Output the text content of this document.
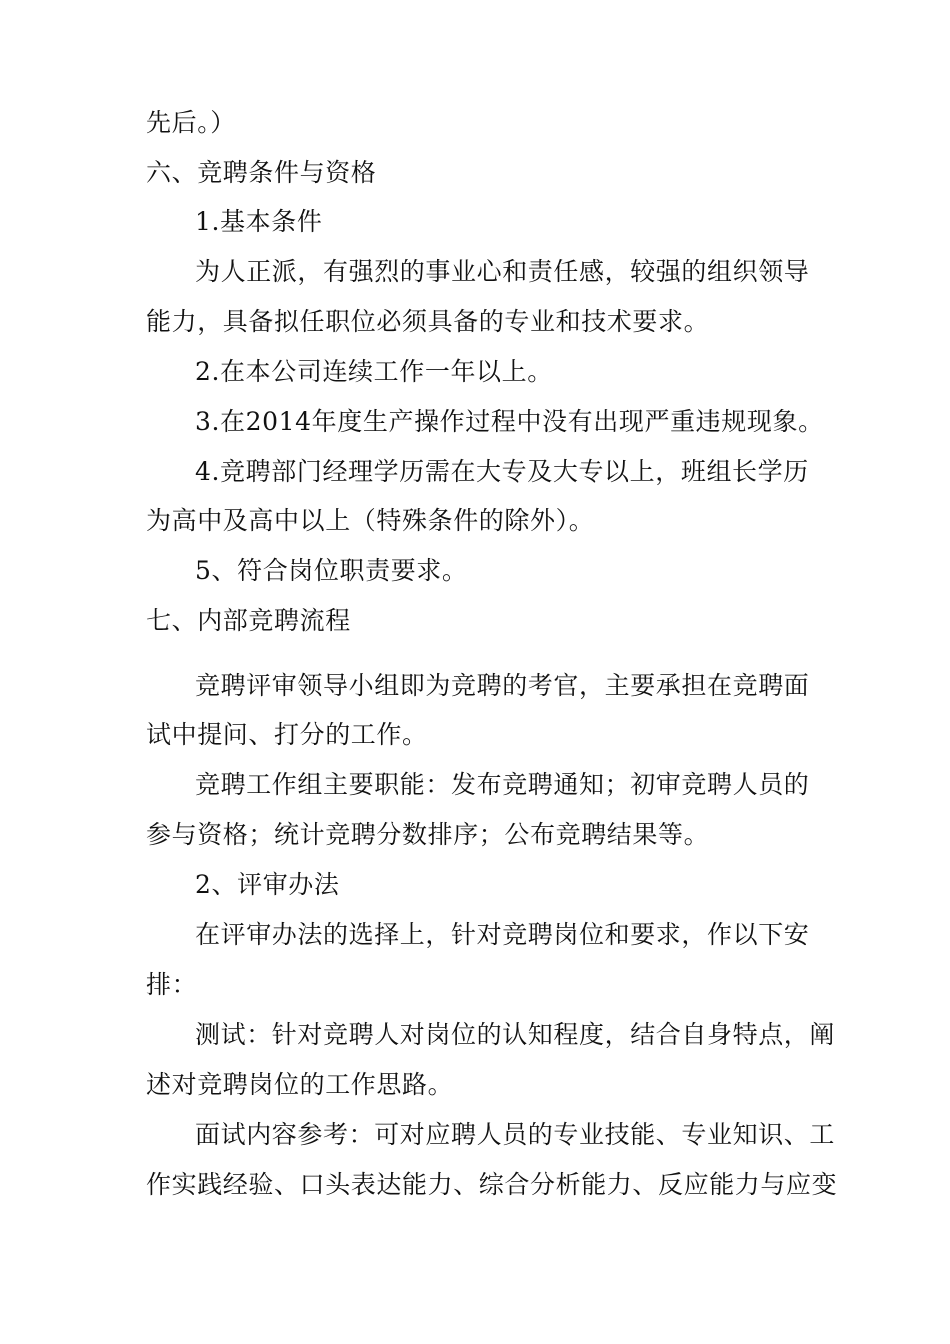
先后。）
六、竞聘条件与资格
1.基本条件
为人正派，有强烈的事业心和责任感，较强的组织领导
能力，具备拟任职位必须具备的专业和技术要求。
2.在本公司连续工作一年以上。
3.在2014年度生产操作过程中没有出现严重违规现象。
4.竞聘部门经理学历需在大专及大专以上，班组长学历
为高中及高中以上（特殊条件的除外）。
5、符合岗位职责要求。
七、内部竞聘流程
竞聘评审领导小组即为竞聘的考官，主要承担在竞聘面
试中提问、打分的工作。
竞聘工作组主要职能：发布竞聘通知；初审竞聘人员的
参与资格；统计竞聘分数排序；公布竞聘结果等。
2、评审办法
在评审办法的选择上，针对竞聘岗位和要求，作以下安
排：
测试：针对竞聘人对岗位的认知程度，结合自身特点，阐
述对竞聘岗位的工作思路。
面试内容参考：可对应聘人员的专业技能、专业知识、工
作实践经验、口头表达能力、综合分析能力、反应能力与应变
